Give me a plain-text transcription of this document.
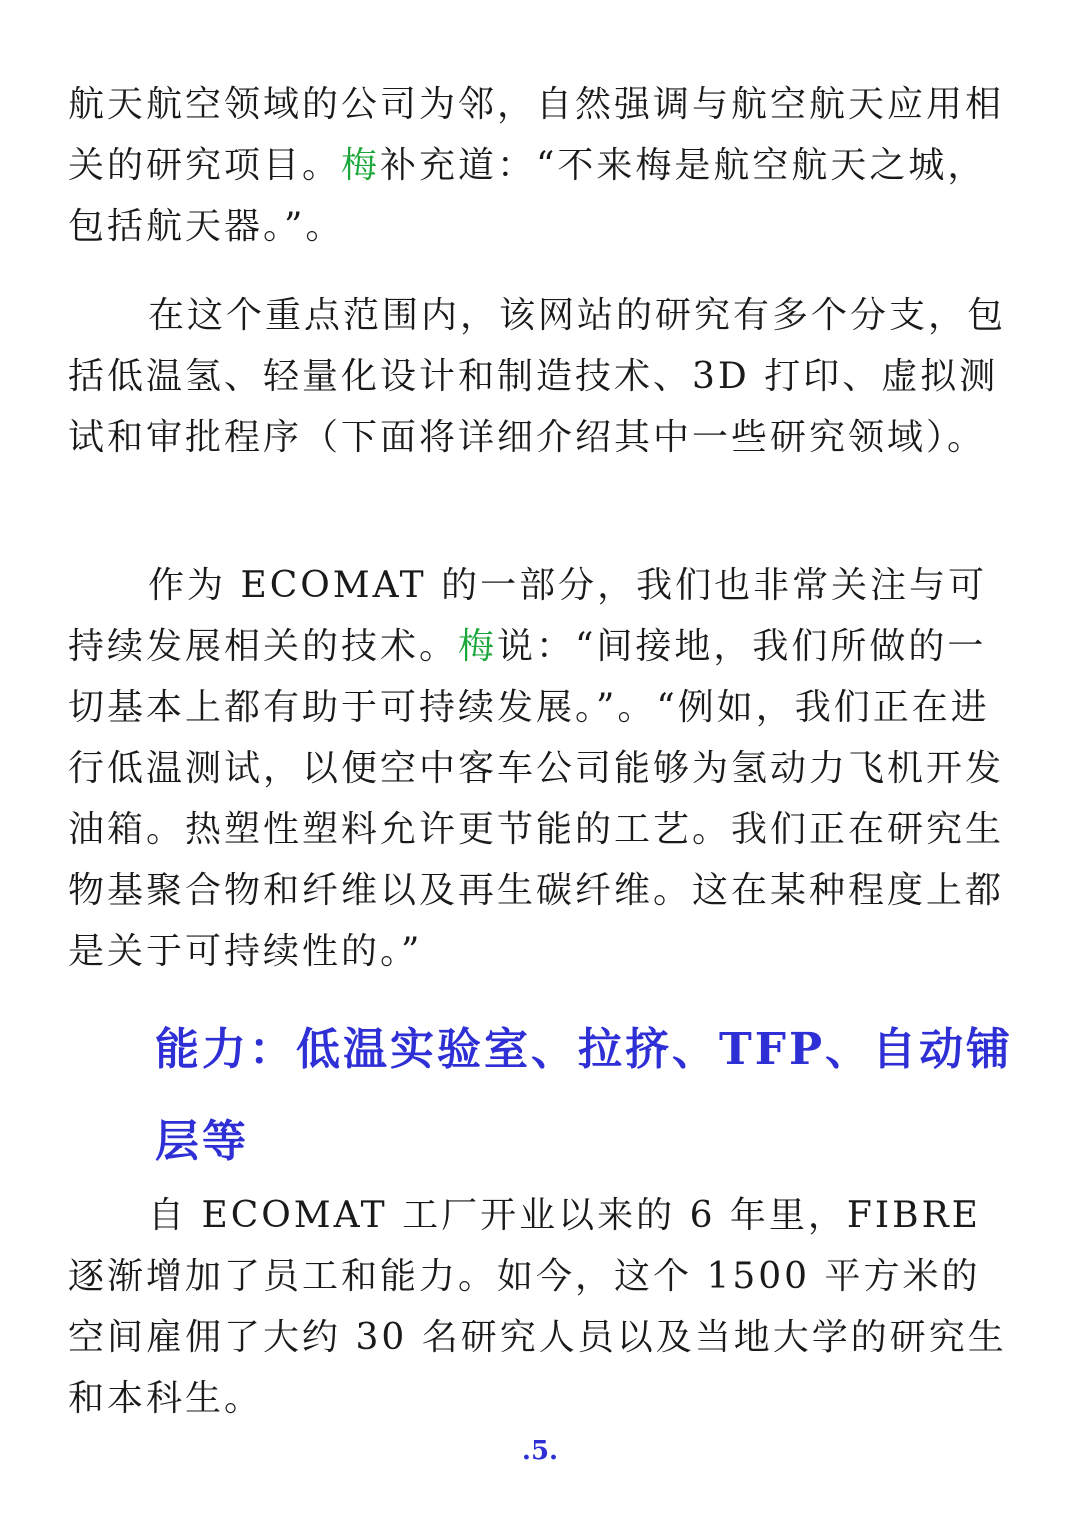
航天航空领域的公司为邻，自然强调与航空航天应用相关的研究项目。梅补充道：“不来梅是航空航天之城，包括航天器。”。

在这个重点范围内，该网站的研究有多个分支，包括低温氢、轻量化设计和制造技术、3D 打印、虚拟测试和审批程序（下面将详细介绍其中一些研究领域）。

作为 ECOMAT 的一部分，我们也非常关注与可持续发展相关的技术。梅说：“间接地，我们所做的一切基本上都有助于可持续发展。”。“例如，我们正在进行低温测试，以便空中客车公司能够为氢动力飞机开发油箱。热塑性塑料允许更节能的工艺。我们正在研究生物基聚合物和纤维以及再生碳纤维。这在某种程度上都是关于可持续性的。”

能力：低温实验室、拉挤、TFP、自动铺层等

自 ECOMAT 工厂开业以来的 6 年里，FIBRE 逐渐增加了员工和能力。如今，这个 1500 平方米的空间雇佣了大约 30 名研究人员以及当地大学的研究生和本科生。

.5.
